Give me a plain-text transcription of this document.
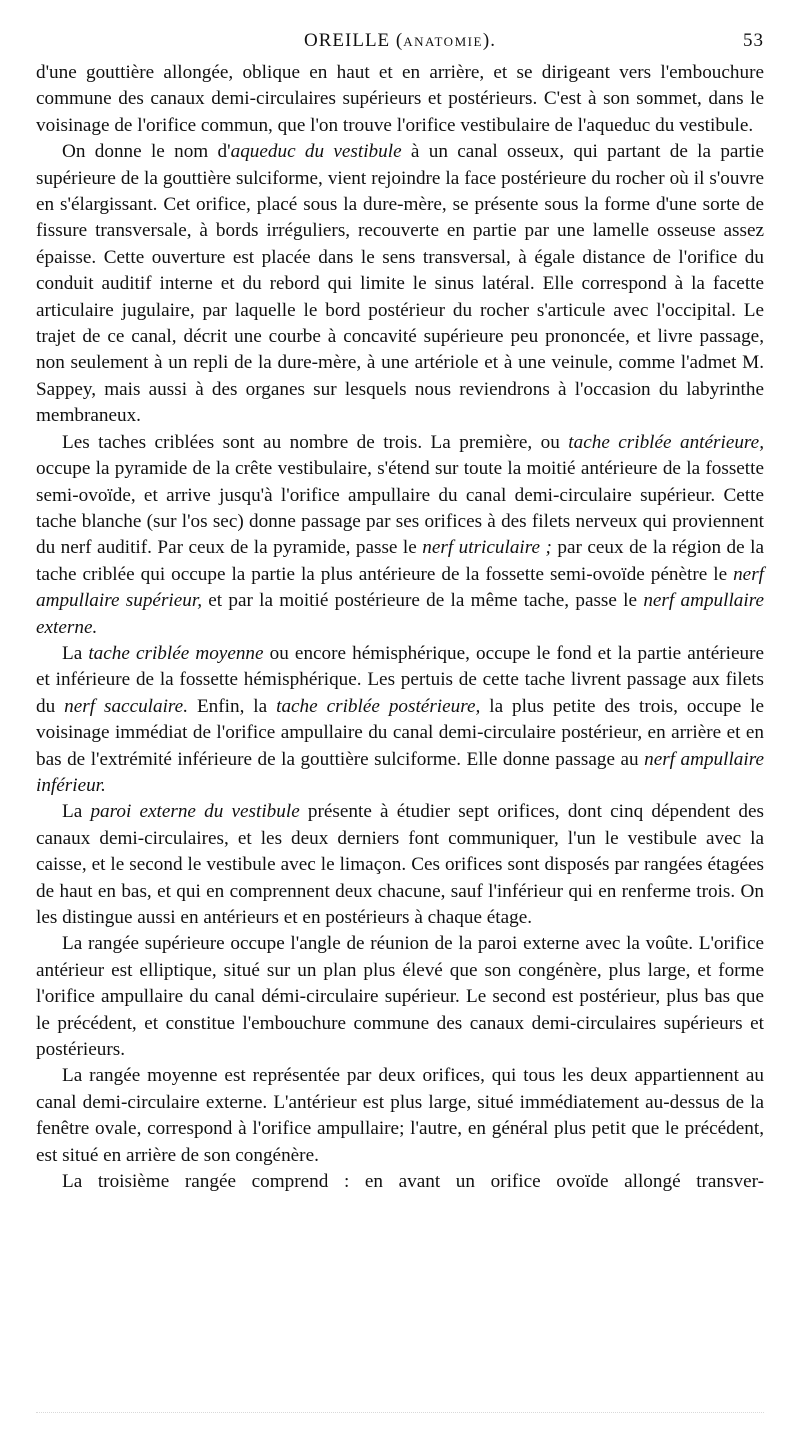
OREILLE (ANATOMIE).	53

d'une gouttière allongée, oblique en haut et en arrière, et se dirigeant vers l'embouchure commune des canaux demi-circulaires supérieurs et postérieurs. C'est à son sommet, dans le voisinage de l'orifice commun, que l'on trouve l'orifice vestibulaire de l'aqueduc du vestibule.

On donne le nom d'aqueduc du vestibule à un canal osseux, qui partant de la partie supérieure de la gouttière sulciforme, vient rejoindre la face postérieure du rocher où il s'ouvre en s'élargissant. Cet orifice, placé sous la dure-mère, se présente sous la forme d'une sorte de fissure transversale, à bords irréguliers, recouverte en partie par une lamelle osseuse assez épaisse. Cette ouverture est placée dans le sens transversal, à égale distance de l'orifice du conduit auditif interne et du rebord qui limite le sinus latéral. Elle correspond à la facette articulaire jugulaire, par laquelle le bord postérieur du rocher s'articule avec l'occipital. Le trajet de ce canal, décrit une courbe à concavité supérieure peu prononcée, et livre passage, non seulement à un repli de la dure-mère, à une artériole et à une veinule, comme l'admet M. Sappey, mais aussi à des organes sur lesquels nous reviendrons à l'occasion du labyrinthe membraneux.

Les taches criblées sont au nombre de trois. La première, ou tache criblée antérieure, occupe la pyramide de la crête vestibulaire, s'étend sur toute la moitié antérieure de la fossette semi-ovoïde, et arrive jusqu'à l'orifice ampullaire du canal demi-circulaire supérieur. Cette tache blanche (sur l'os sec) donne passage par ses orifices à des filets nerveux qui proviennent du nerf auditif. Par ceux de la pyramide, passe le nerf utriculaire ; par ceux de la région de la tache criblée qui occupe la partie la plus antérieure de la fossette semi-ovoïde pénètre le nerf ampullaire supérieur, et par la moitié postérieure de la même tache, passe le nerf ampullaire externe.

La tache criblée moyenne ou encore hémisphérique, occupe le fond et la partie antérieure et inférieure de la fossette hémisphérique. Les pertuis de cette tache livrent passage aux filets du nerf sacculaire. Enfin, la tache criblée postérieure, la plus petite des trois, occupe le voisinage immédiat de l'orifice ampullaire du canal demi-circulaire postérieur, en arrière et en bas de l'extrémité inférieure de la gouttière sulciforme. Elle donne passage au nerf ampullaire inférieur.

La paroi externe du vestibule présente à étudier sept orifices, dont cinq dépendent des canaux demi-circulaires, et les deux derniers font communiquer, l'un le vestibule avec la caisse, et le second le vestibule avec le limaçon. Ces orifices sont disposés par rangées étagées de haut en bas, et qui en comprennent deux chacune, sauf l'inférieur qui en renferme trois. On les distingue aussi en antérieurs et en postérieurs à chaque étage.

La rangée supérieure occupe l'angle de réunion de la paroi externe avec la voûte. L'orifice antérieur est elliptique, situé sur un plan plus élevé que son congénère, plus large, et forme l'orifice ampullaire du canal démi-circulaire supérieur. Le second est postérieur, plus bas que le précédent, et constitue l'embouchure commune des canaux demi-circulaires supérieurs et postérieurs.

La rangée moyenne est représentée par deux orifices, qui tous les deux appartiennent au canal demi-circulaire externe. L'antérieur est plus large, situé immédiatement au-dessus de la fenêtre ovale, correspond à l'orifice ampullaire; l'autre, en général plus petit que le précédent, est situé en arrière de son congénère.

La troisième rangée comprend : en avant un orifice ovoïde allongé transver-
